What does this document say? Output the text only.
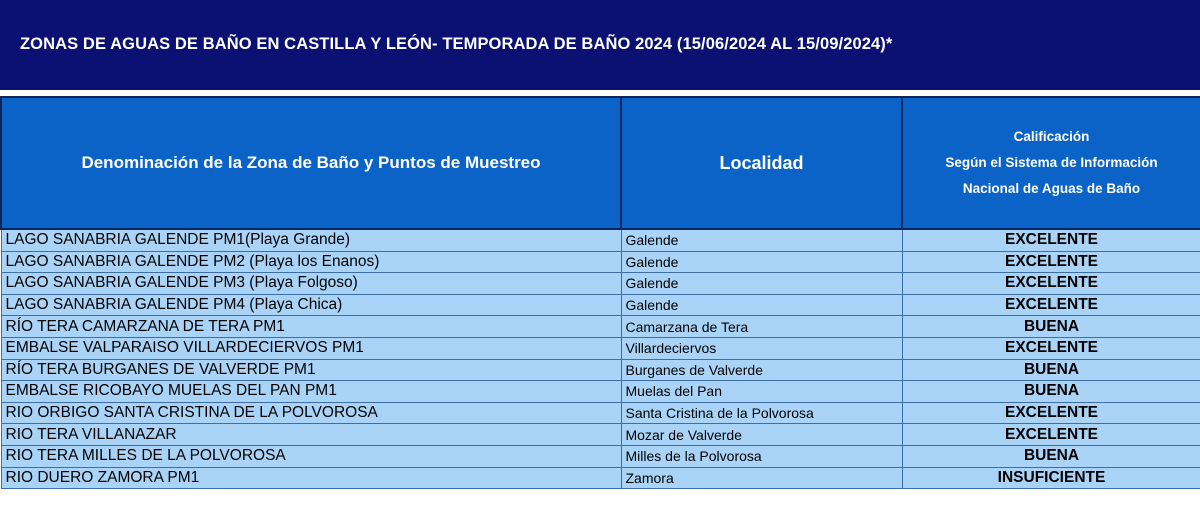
ZONAS DE AGUAS DE BAÑO EN CASTILLA Y LEÓN- TEMPORADA DE BAÑO 2024 (15/06/2024 AL 15/09/2024)*
Denominación de la Zona de Baño y Puntos de Muestreo	Localidad	Calificación
Según el Sistema de Información
Nacional de Aguas de Baño

LAGO SANABRIA GALENDE PM1(Playa Grande)	Galende	EXCELENTE
LAGO SANABRIA GALENDE PM2 (Playa los Enanos)	Galende	EXCELENTE
LAGO SANABRIA GALENDE PM3 (Playa Folgoso)	Galende	EXCELENTE
LAGO SANABRIA GALENDE PM4 (Playa Chica)	Galende	EXCELENTE
RÍO TERA CAMARZANA DE TERA PM1	Camarzana de Tera	BUENA
EMBALSE VALPARAISO VILLARDECIERVOS PM1	Villardeciervos	EXCELENTE
RÍO TERA BURGANES DE VALVERDE PM1	Burganes de Valverde	BUENA
EMBALSE RICOBAYO MUELAS DEL PAN PM1	Muelas del Pan	BUENA
RIO ORBIGO SANTA CRISTINA DE LA POLVOROSA	Santa Cristina de la Polvorosa	EXCELENTE
RIO TERA VILLANAZAR	Mozar de Valverde	EXCELENTE
RIO TERA MILLES DE LA POLVOROSA	Milles de la Polvorosa	BUENA
RIO DUERO ZAMORA PM1	Zamora	INSUFICIENTE
